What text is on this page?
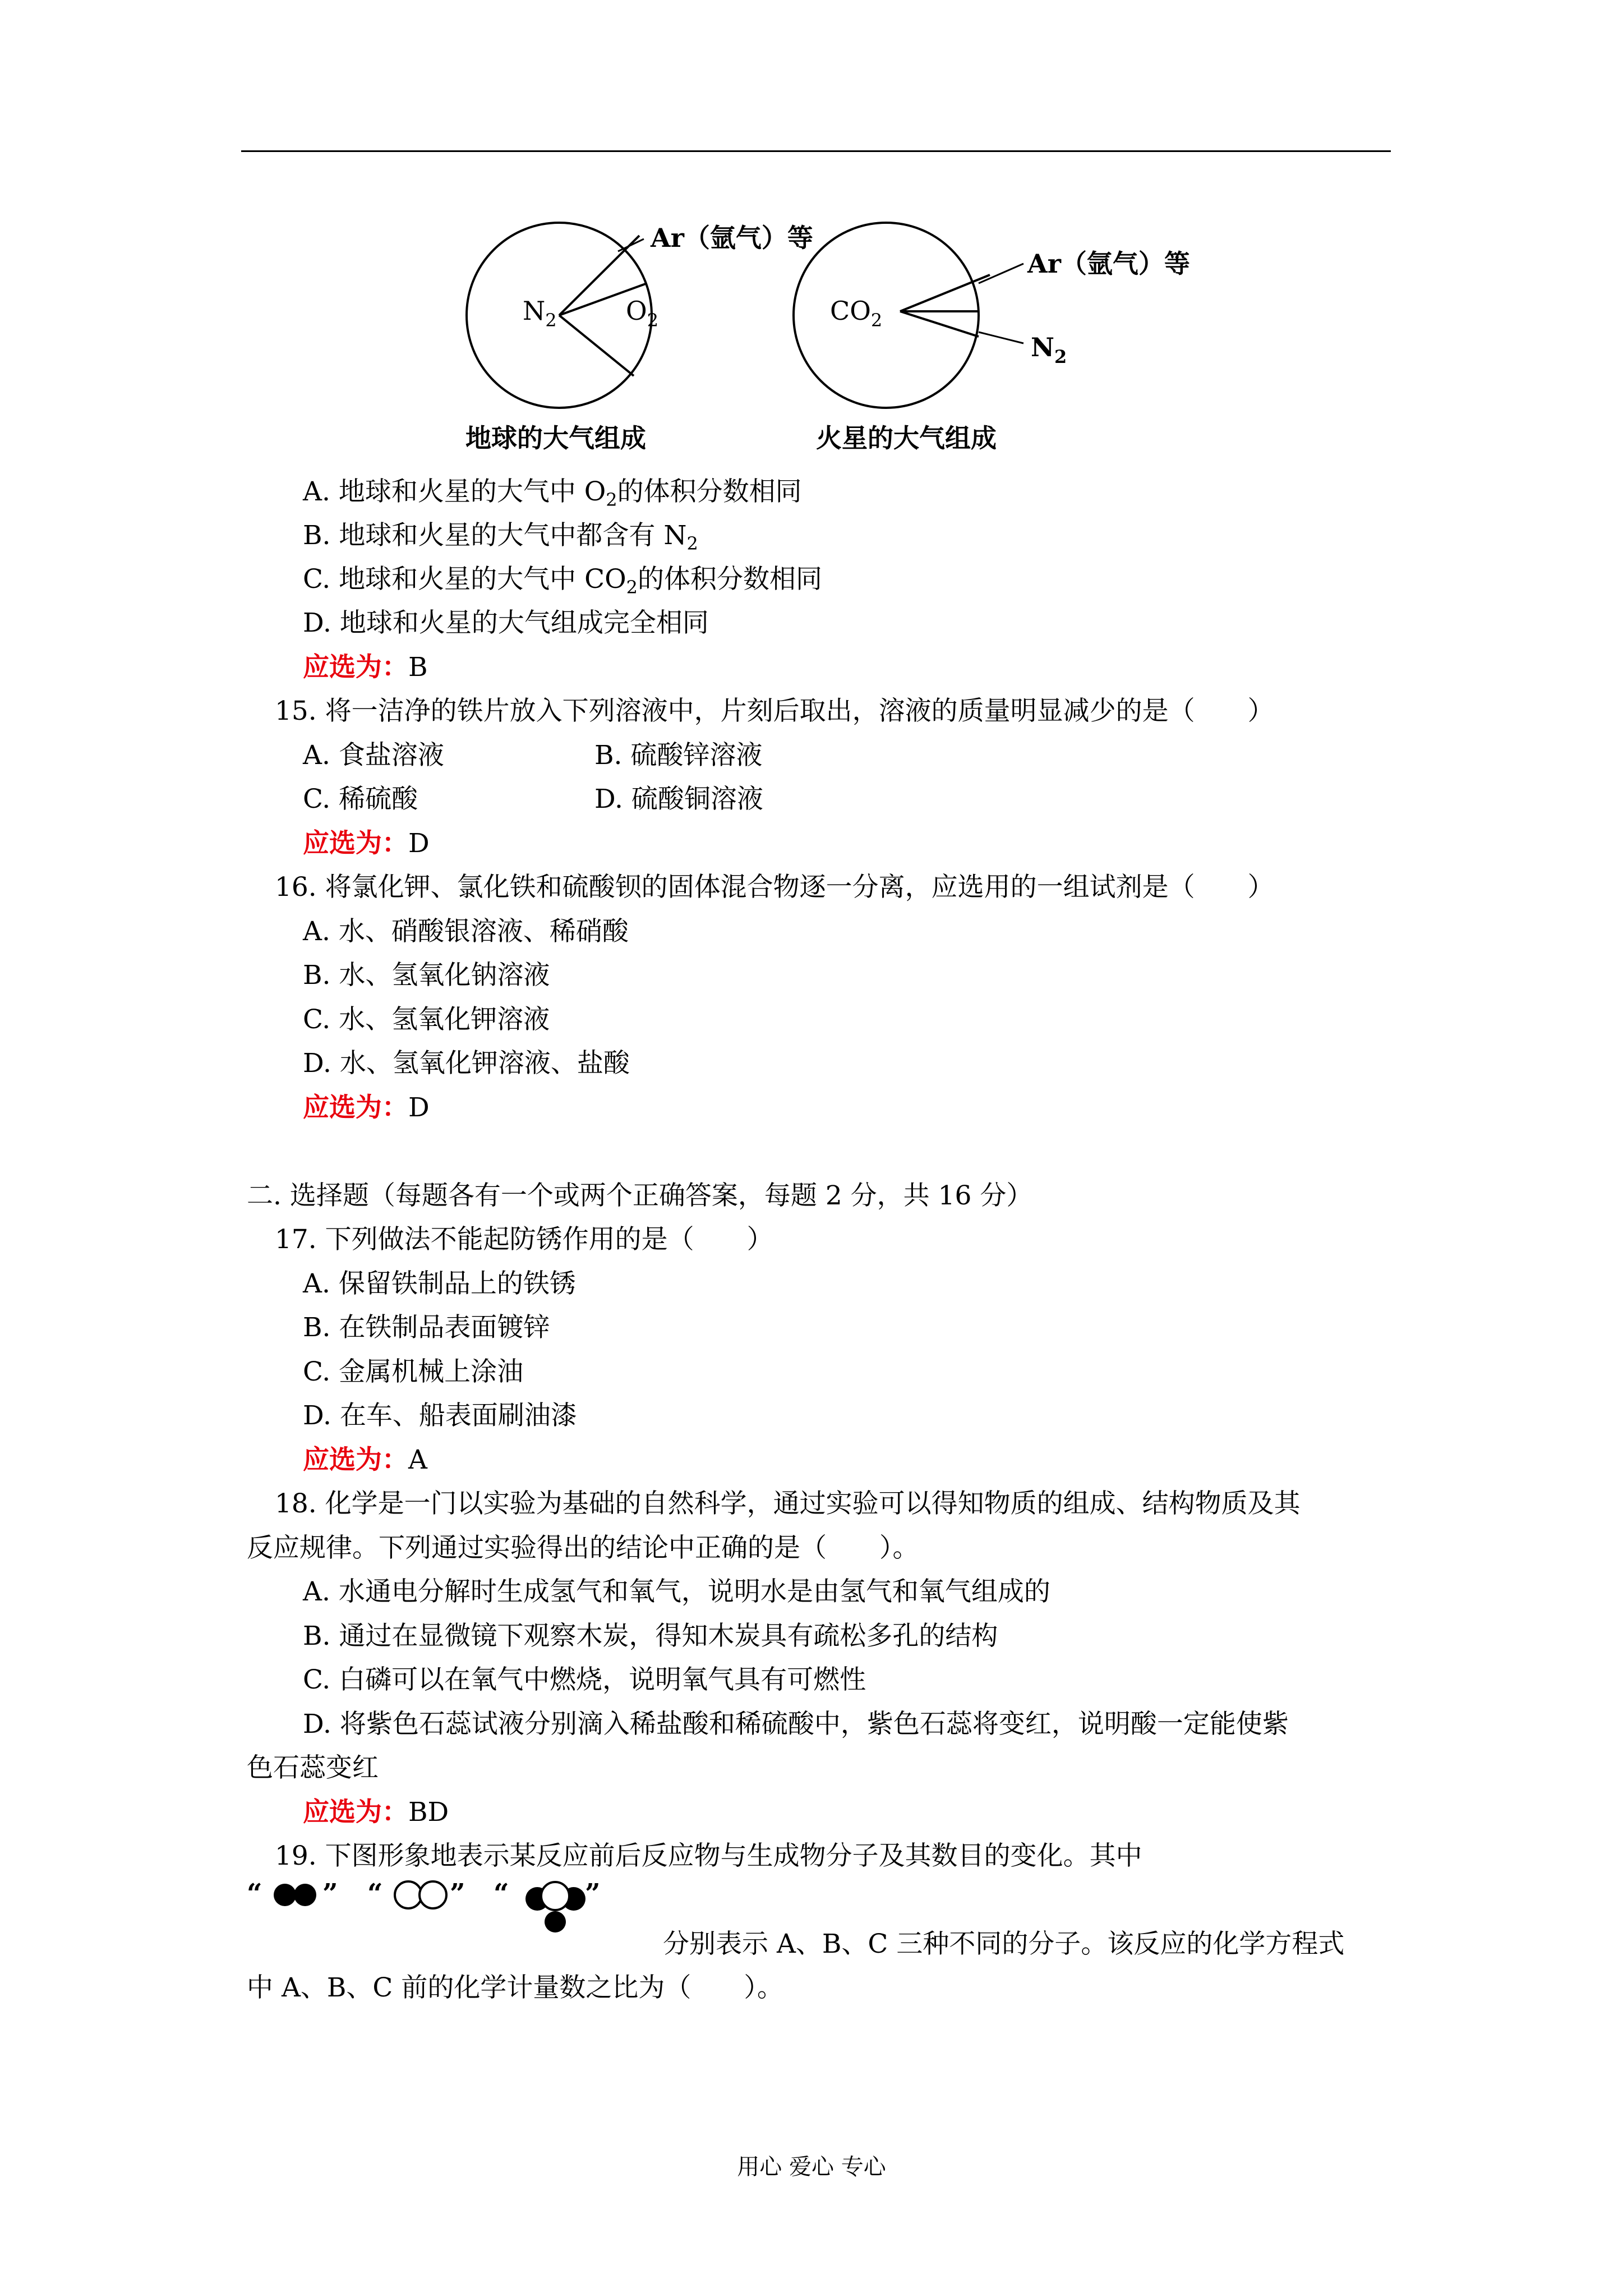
$N_2$	$O_2$
Ar（氩气）等
地球的大气组成
$CO_2$
Ar（氩气）等
$N_2$
火星的大气组成
A. 地球和火星的大气中 $O_2$的体积分数相同
B. 地球和火星的大气中都含有 $N_2$
C. 地球和火星的大气中 $CO_2$的体积分数相同
D. 地球和火星的大气组成完全相同
应选为：B
15. 将一洁净的铁片放入下列溶液中，片刻后取出，溶液的质量明显减少的是（　　）
A. 食盐溶液	B. 硫酸锌溶液
C. 稀硫酸	D. 硫酸铜溶液
应选为：D
16. 将氯化钾、氯化铁和硫酸钡的固体混合物逐一分离，应选用的一组试剂是（　　）
A. 水、硝酸银溶液、稀硝酸
B. 水、氢氧化钠溶液
C. 水、氢氧化钾溶液
D. 水、氢氧化钾溶液、盐酸
应选为：D
二. 选择题（每题各有一个或两个正确答案，每题 2 分，共 16 分）
17. 下列做法不能起防锈作用的是（　　）
A. 保留铁制品上的铁锈
B. 在铁制品表面镀锌
C. 金属机械上涂油
D. 在车、船表面刷油漆
应选为：A
18. 化学是一门以实验为基础的自然科学，通过实验可以得知物质的组成、结构物质及其
反应规律。下列通过实验得出的结论中正确的是（　　）。
A. 水通电分解时生成氢气和氧气，说明水是由氢气和氧气组成的
B. 通过在显微镜下观察木炭，得知木炭具有疏松多孔的结构
C. 白磷可以在氧气中燃烧，说明氧气具有可燃性
D. 将紫色石蕊试液分别滴入稀盐酸和稀硫酸中，紫色石蕊将变红，说明酸一定能使紫
色石蕊变红
应选为：BD
19. 下图形象地表示某反应前后反应物与生成物分子及其数目的变化。其中
“ ” “ ” “	”
分别表示 A、B、C 三种不同的分子。该反应的化学方程式
中 A、B、C 前的化学计量数之比为（　　）。
用心 爱心 专心
